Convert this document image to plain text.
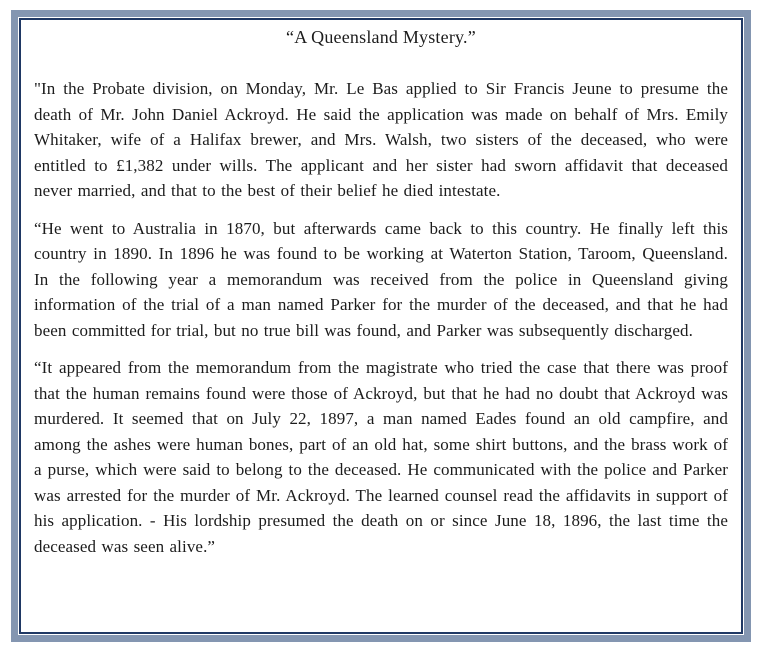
“A Queensland Mystery.”

"In the Probate division, on Monday, Mr. Le Bas applied to Sir Francis Jeune to presume the death of Mr. John Daniel Ackroyd. He said the application was made on behalf of Mrs. Emily Whitaker, wife of a Halifax brewer, and Mrs. Walsh, two sisters of the deceased, who were entitled to £1,382 under wills. The applicant and her sister had sworn affidavit that deceased never married, and that to the best of their belief he died intestate.

“He went to Australia in 1870, but afterwards came back to this country. He finally left this country in 1890. In 1896 he was found to be working at Waterton Station, Taroom, Queensland. In the following year a memorandum was received from the police in Queensland giving information of the trial of a man named Parker for the murder of the deceased, and that he had been committed for trial, but no true bill was found, and Parker was subsequently discharged.

“It appeared from the memorandum from the magistrate who tried the case that there was proof that the human remains found were those of Ackroyd, but that he had no doubt that Ackroyd was murdered. It seemed that on July 22, 1897, a man named Eades found an old campfire, and among the ashes were human bones, part of an old hat, some shirt buttons, and the brass work of a purse, which were said to belong to the deceased. He communicated with the police and Parker was arrested for the murder of Mr. Ackroyd. The learned counsel read the affidavits in support of his application. - His lordship presumed the death on or since June 18, 1896, the last time the deceased was seen alive.”
